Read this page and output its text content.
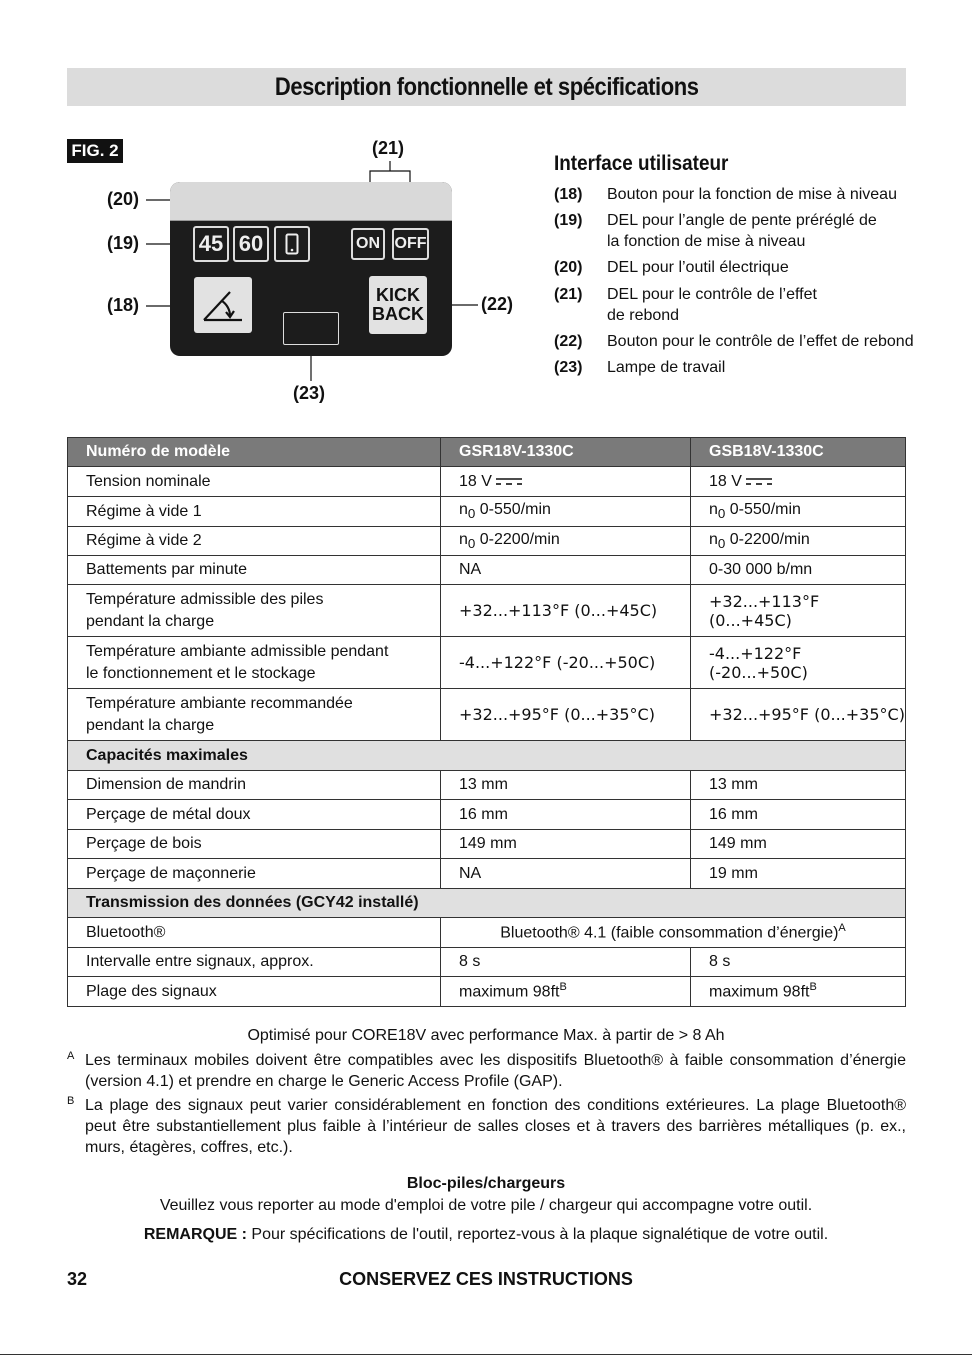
Description fonctionnelle et spécifications
FIG. 2
(20)
(19)
(18)
(21)
(22)
(23)
45 60	ON OFF
KICK
BACK
Interface utilisateur
(18) Bouton pour la fonction de mise à niveau
(19) DEL pour l’angle de pente préréglé de la fonction de mise à niveau
(20) DEL pour l’outil électrique
(21) DEL pour le contrôle de l’effet de rebond
(22) Bouton pour le contrôle de l’effet de rebond
(23) Lampe de travail
Numéro de modèle	GSR18V-1330C	GSB18V-1330C
Tension nominale	18 V	18 V
Régime à vide 1	$n_0$ 0-550/min	$n_0$ 0-550/min
Régime à vide 2	$n_0$ 0-2200/min	$n_0$ 0-2200/min
Battements par minute	NA	0-30 000 b/mn
Température admissible des piles
pendant la charge	+32...+113°F (0...+45C)	+32...+113°F (0...+45C)
Température ambiante admissible pendant
le fonctionnement et le stockage	-4...+122°F (-20...+50C)	-4...+122°F (-20...+50C)
Température ambiante recommandée
pendant la charge	+32...+95°F (0...+35°C)	+32...+95°F (0...+35°C)
Capacités maximales		
Dimension de mandrin	13 mm	13 mm
Perçage de métal doux	16 mm	16 mm
Perçage de bois	149 mm	149 mm
Perçage de maçonnerie	NA	19 mm
Transmission des données (GCY42 installé)		
Bluetooth®	Bluetooth® 4.1 (faible consommation d’énergie)$^A$
Intervalle entre signaux, approx.	8 s	8 s
Plage des signaux	maximum $98ft^B$	maximum $98ft^B$
Optimisé pour CORE18V avec performance Max. à partir de > 8 Ah
A Les terminaux mobiles doivent être compatibles avec les dispositifs Bluetooth® à faible consommation d’énergie (version 4.1) et prendre en charge le Generic Access Profile (GAP).
B La plage des signaux peut varier considérablement en fonction des conditions extérieures. La plage Bluetooth® peut être substantiellement plus faible à l’intérieur de salles closes et à travers des barrières métalliques (p. ex., murs, étagères, coffres, etc.).
Bloc-piles/chargeurs
Veuillez vous reporter au mode d'emploi de votre pile / chargeur qui accompagne votre outil.
REMARQUE : Pour spécifications de l'outil, reportez-vous à la plaque signalétique de votre outil.
32	CONSERVEZ CES INSTRUCTIONS
